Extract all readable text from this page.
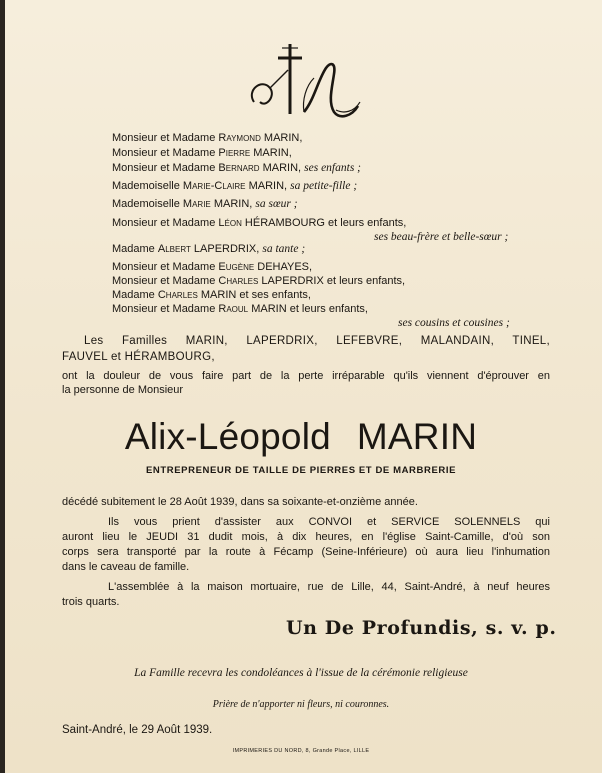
Monsieur et Madame Raymond MARIN,
Monsieur et Madame Pierre MARIN,
Monsieur et Madame Bernard MARIN, ses enfants ;
Mademoiselle Marie-Claire MARIN, sa petite-fille ;
Mademoiselle Marie MARIN, sa sœur ;
Monsieur et Madame Léon HÉRAMBOURG et leurs enfants,
ses beau-frère et belle-sœur ;
Madame Albert LAPERDRIX, sa tante ;
Monsieur et Madame Eugène DEHAYES,
Monsieur et Madame Charles LAPERDRIX et leurs enfants,
Madame Charles MARIN et ses enfants,
Monsieur et Madame Raoul MARIN et leurs enfants,
ses cousins et cousines ;
Les Familles MARIN, LAPERDRIX, LEFEBVRE, MALANDAIN, TINEL,
FAUVEL et HÉRAMBOURG,
ont la douleur de vous faire part de la perte irréparable qu'ils viennent d'éprouver en
la personne de Monsieur
Alix-Léopold MARIN
ENTREPRENEUR DE TAILLE DE PIERRES ET DE MARBRERIE
décédé subitement le 28 Août 1939, dans sa soixante-et-onzième année.
Ils vous prient d'assister aux CONVOI et SERVICE SOLENNELS qui
auront lieu le JEUDI 31 dudit mois, à dix heures, en l'église Saint-Camille, d'où son
corps sera transporté par la route à Fécamp (Seine-Inférieure) où aura lieu l'inhumation
dans le caveau de famille.
L'assemblée à la maison mortuaire, rue de Lille, 44, Saint-André, à neuf heures
trois quarts.
Un De Profundis, s. v. p.
La Famille recevra les condoléances à l'issue de la cérémonie religieuse
Prière de n'apporter ni fleurs, ni couronnes.
Saint-André, le 29 Août 1939.
IMPRIMERIES DU NORD, 8, Grande Place, LILLE
